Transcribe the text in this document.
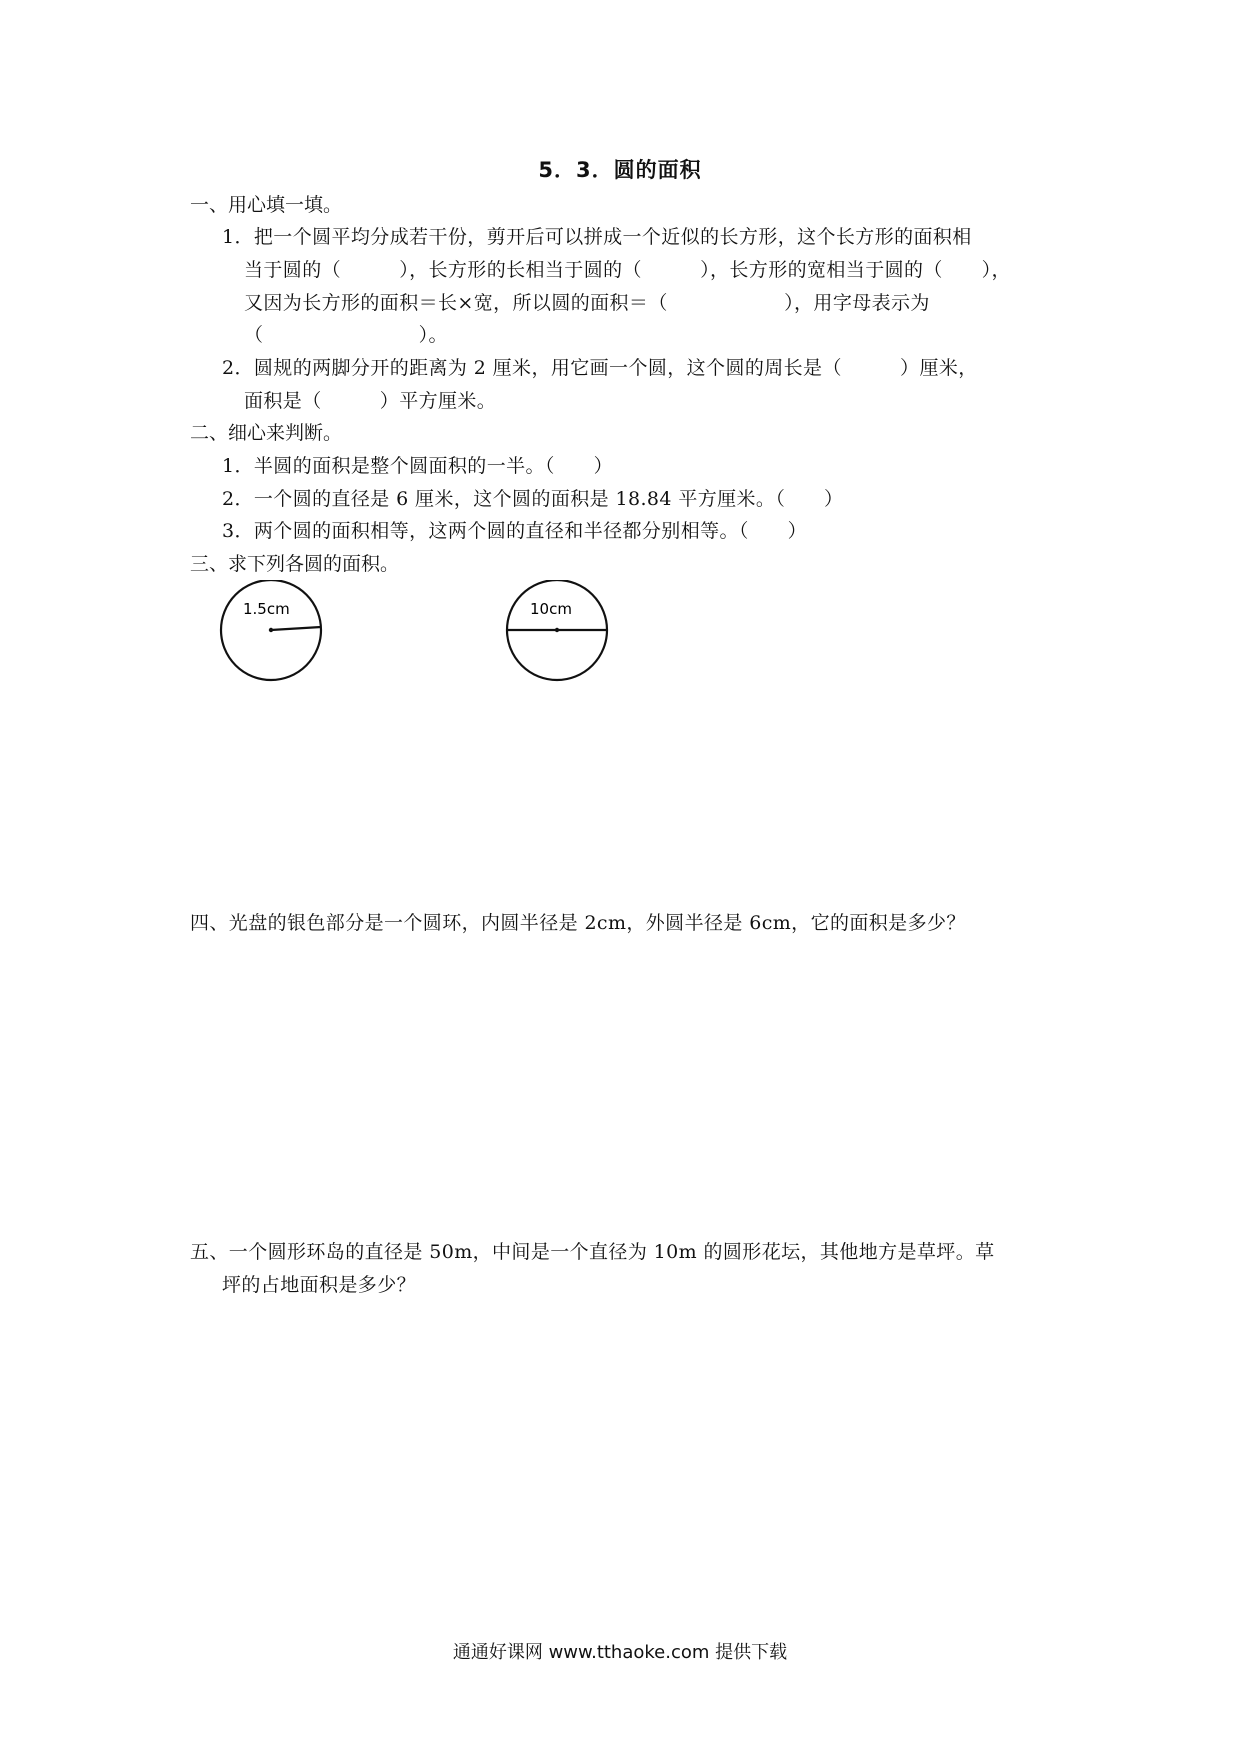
5．3．圆的面积
一、用心填一填。
1．把一个圆平均分成若干份，剪开后可以拼成一个近似的长方形，这个长方形的面积相
当于圆的（　　　），长方形的长相当于圆的（　　　），长方形的宽相当于圆的（　　），
又因为长方形的面积＝长×宽，所以圆的面积＝（　　　　　　），用字母表示为
（　　　　　　　　）。
2．圆规的两脚分开的距离为 2 厘米，用它画一个圆，这个圆的周长是（　　　）厘米，
面积是（　　　）平方厘米。
二、细心来判断。
1．半圆的面积是整个圆面积的一半。（　　）
2．一个圆的直径是 6 厘米，这个圆的面积是 18.84 平方厘米。（　　）
3．两个圆的面积相等，这两个圆的直径和半径都分别相等。（　　）
三、求下列各圆的面积。
1.5cm	10cm
四、光盘的银色部分是一个圆环，内圆半径是 2cm，外圆半径是 6cm，它的面积是多少？
五、一个圆形环岛的直径是 50m，中间是一个直径为 10m 的圆形花坛，其他地方是草坪。草
坪的占地面积是多少？
通通好课网 www.tthaoke.com 提供下载
